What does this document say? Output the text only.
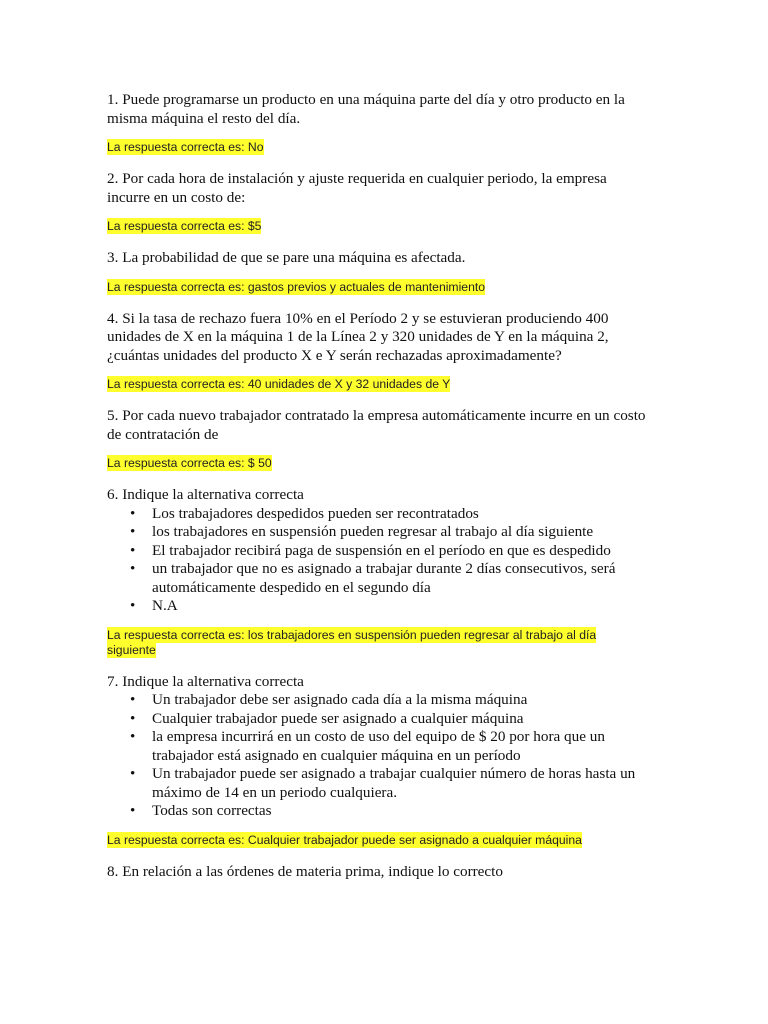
1. Puede programarse un producto en una máquina parte del día y otro producto en la misma máquina el resto del día.

La respuesta correcta es: No

2. Por cada hora de instalación y ajuste requerida en cualquier periodo, la empresa incurre en un costo de:

La respuesta correcta es: $5

3. La probabilidad de que se pare una máquina es afectada.

La respuesta correcta es: gastos previos y actuales de mantenimiento

4. Si la tasa de rechazo fuera 10% en el Período 2 y se estuvieran produciendo 400 unidades de X en la máquina 1 de la Línea 2 y 320 unidades de Y en la máquina 2, ¿cuántas unidades del producto X e Y serán rechazadas aproximadamente?

La respuesta correcta es: 40 unidades de X y 32 unidades de Y

5. Por cada nuevo trabajador contratado la empresa automáticamente incurre en un costo de contratación de

La respuesta correcta es: $ 50

6. Indique la alternativa correcta

• Los trabajadores despedidos pueden ser recontratados
• los trabajadores en suspensión pueden regresar al trabajo al día siguiente
• El trabajador recibirá paga de suspensión en el período en que es despedido
• un trabajador que no es asignado a trabajar durante 2 días consecutivos, será automáticamente despedido en el segundo día
• N.A

La respuesta correcta es: los trabajadores en suspensión pueden regresar al trabajo al día siguiente

7. Indique la alternativa correcta

• Un trabajador debe ser asignado cada día a la misma máquina
• Cualquier trabajador puede ser asignado a cualquier máquina
• la empresa incurrirá en un costo de uso del equipo de $ 20 por hora que un trabajador está asignado en cualquier máquina en un período
• Un trabajador puede ser asignado a trabajar cualquier número de horas hasta un máximo de 14 en un periodo cualquiera.
• Todas son correctas

La respuesta correcta es: Cualquier trabajador puede ser asignado a cualquier máquina

8. En relación a las órdenes de materia prima, indique lo correcto
